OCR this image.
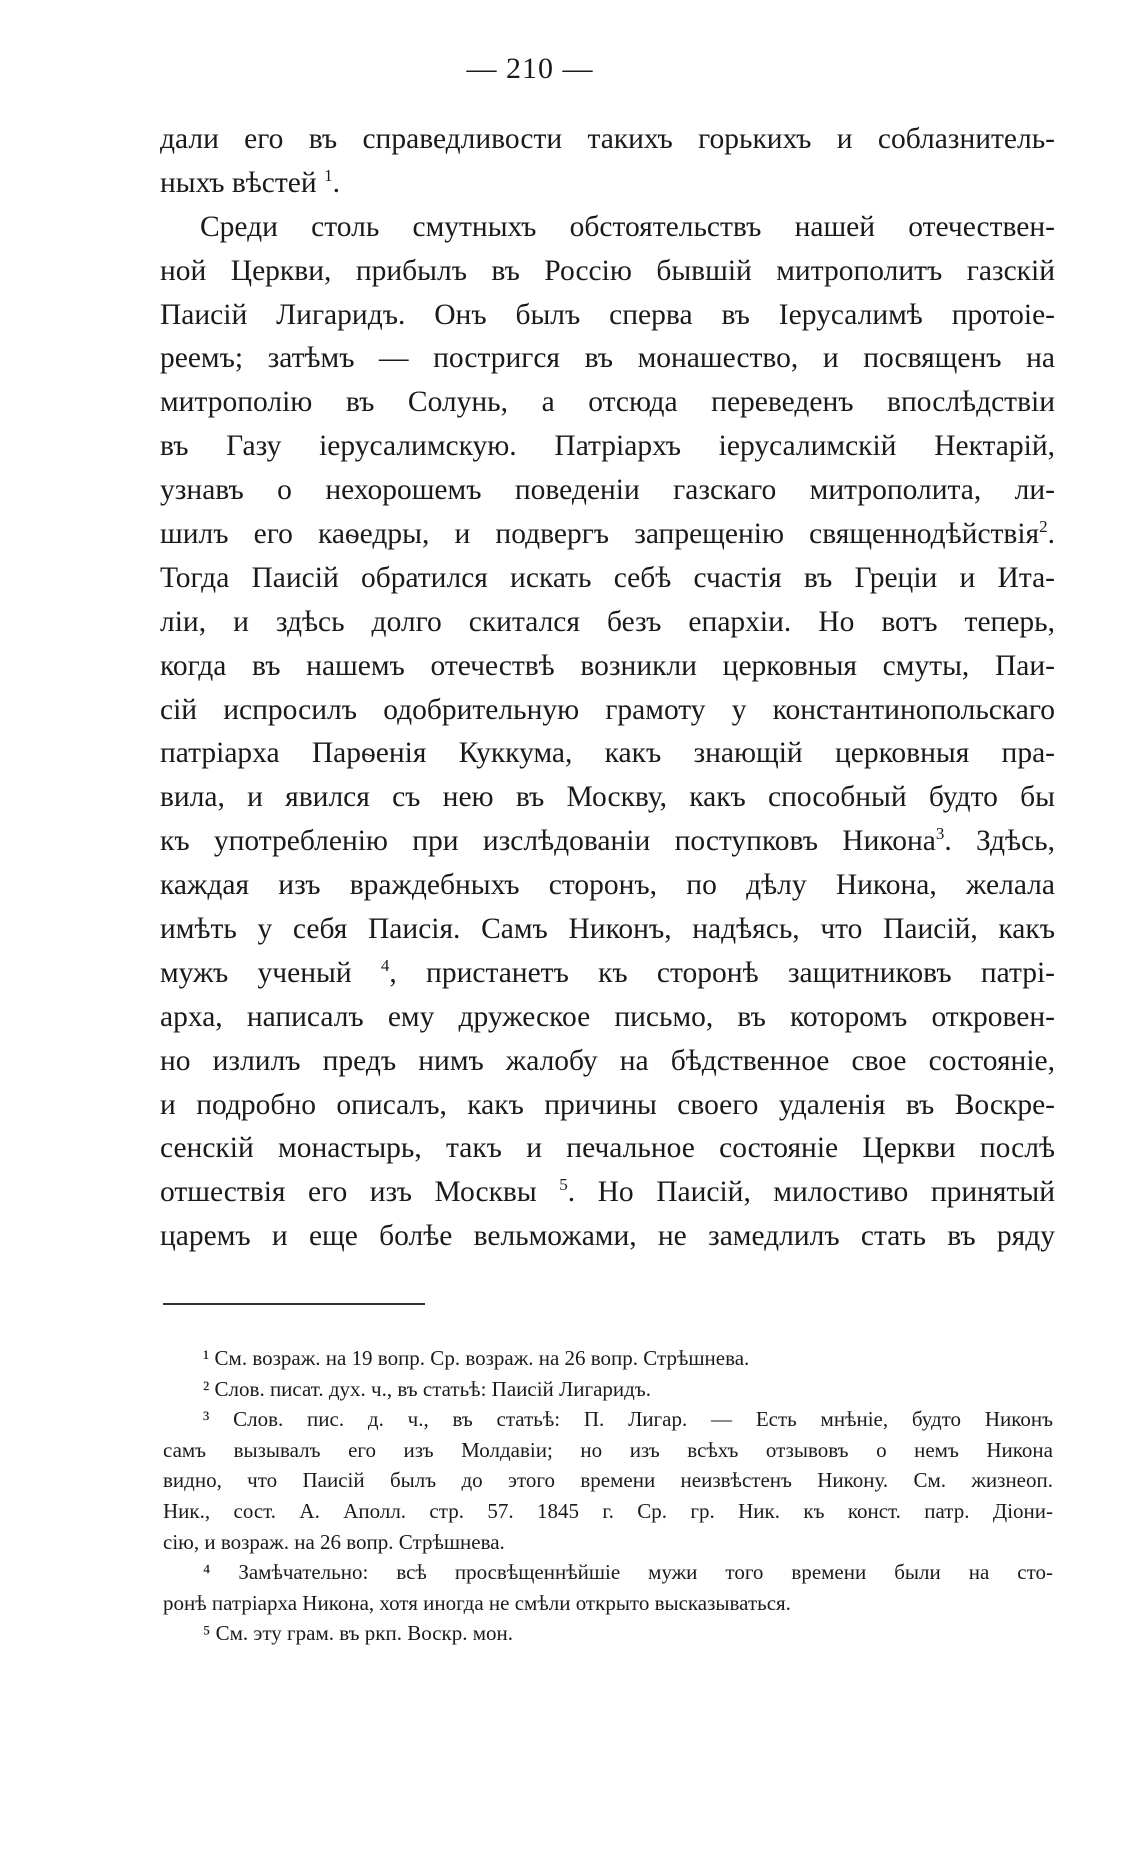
— 210 —
дали его въ справедливости такихъ горькихъ и соблазнитель-
ныхъ вѣстей $^1$.
Среди столь смутныхъ обстоятельствъ нашей отечествен-
ной Церкви, прибылъ въ Россію бывшій митрополитъ газскій
Паисій Лигаридъ. Онъ былъ сперва въ Іерусалимѣ протоіе-
реемъ; затѣмъ — постригся въ монашество, и посвященъ на
митрополію въ Солунь, а отсюда переведенъ впослѣдствіи
въ Газу іерусалимскую. Патріархъ іерусалимскій Нектарій,
узнавъ о нехорошемъ поведеніи газскаго митрополита, ли-
шилъ его каѳедры, и подвергъ запрещенію священнодѣйствія$^2$.
Тогда Паисій обратился искать себѣ счастія въ Греціи и Ита-
ліи, и здѣсь долго скитался безъ епархіи. Но вотъ теперь,
когда въ нашемъ отечествѣ возникли церковныя смуты, Паи-
сій испросилъ одобрительную грамоту у константинопольскаго
патріарха Парѳенія Куккума, какъ знающій церковныя пра-
вила, и явился съ нею въ Москву, какъ способный будто бы
къ употребленію при изслѣдованіи поступковъ Никона$^3$. Здѣсь,
каждая изъ враждебныхъ сторонъ, по дѣлу Никона, желала
имѣть у себя Паисія. Самъ Никонъ, надѣясь, что Паисій, какъ
мужъ ученый $^4$, пристанетъ къ сторонѣ защитниковъ патрі-
арха, написалъ ему дружеское письмо, въ которомъ откровен-
но излилъ предъ нимъ жалобу на бѣдственное свое состояніе,
и подробно описалъ, какъ причины своего удаленія въ Воскре-
сенскій монастырь, такъ и печальное состояніе Церкви послѣ
отшествія его изъ Москвы $^5$. Но Паисій, милостиво принятый
царемъ и еще болѣе вельможами, не замедлилъ стать въ ряду
¹ См. возраж. на 19 вопр. Ср. возраж. на 26 вопр. Стрѣшнева.
² Слов. писат. дух. ч., въ статьѣ: Паисій Лигаридъ.
³ Слов. пис. д. ч., въ статьѣ: П. Лигар. — Есть мнѣніе, будто Никонъ
самъ вызывалъ его изъ Молдавіи; но изъ всѣхъ отзывовъ о немъ Никона
видно, что Паисій былъ до этого времени неизвѣстенъ Никону. См. жизнеоп.
Ник., сост. А. Аполл. стр. 57. 1845 г. Ср. гр. Ник. къ конст. патр. Діони-
сію, и возраж. на 26 вопр. Стрѣшнева.
⁴ Замѣчательно: всѣ просвѣщеннѣйшіе мужи того времени были на сто-
ронѣ патріарха Никона, хотя иногда не смѣли открыто высказываться.
⁵ См. эту грам. въ ркп. Воскр. мон.
